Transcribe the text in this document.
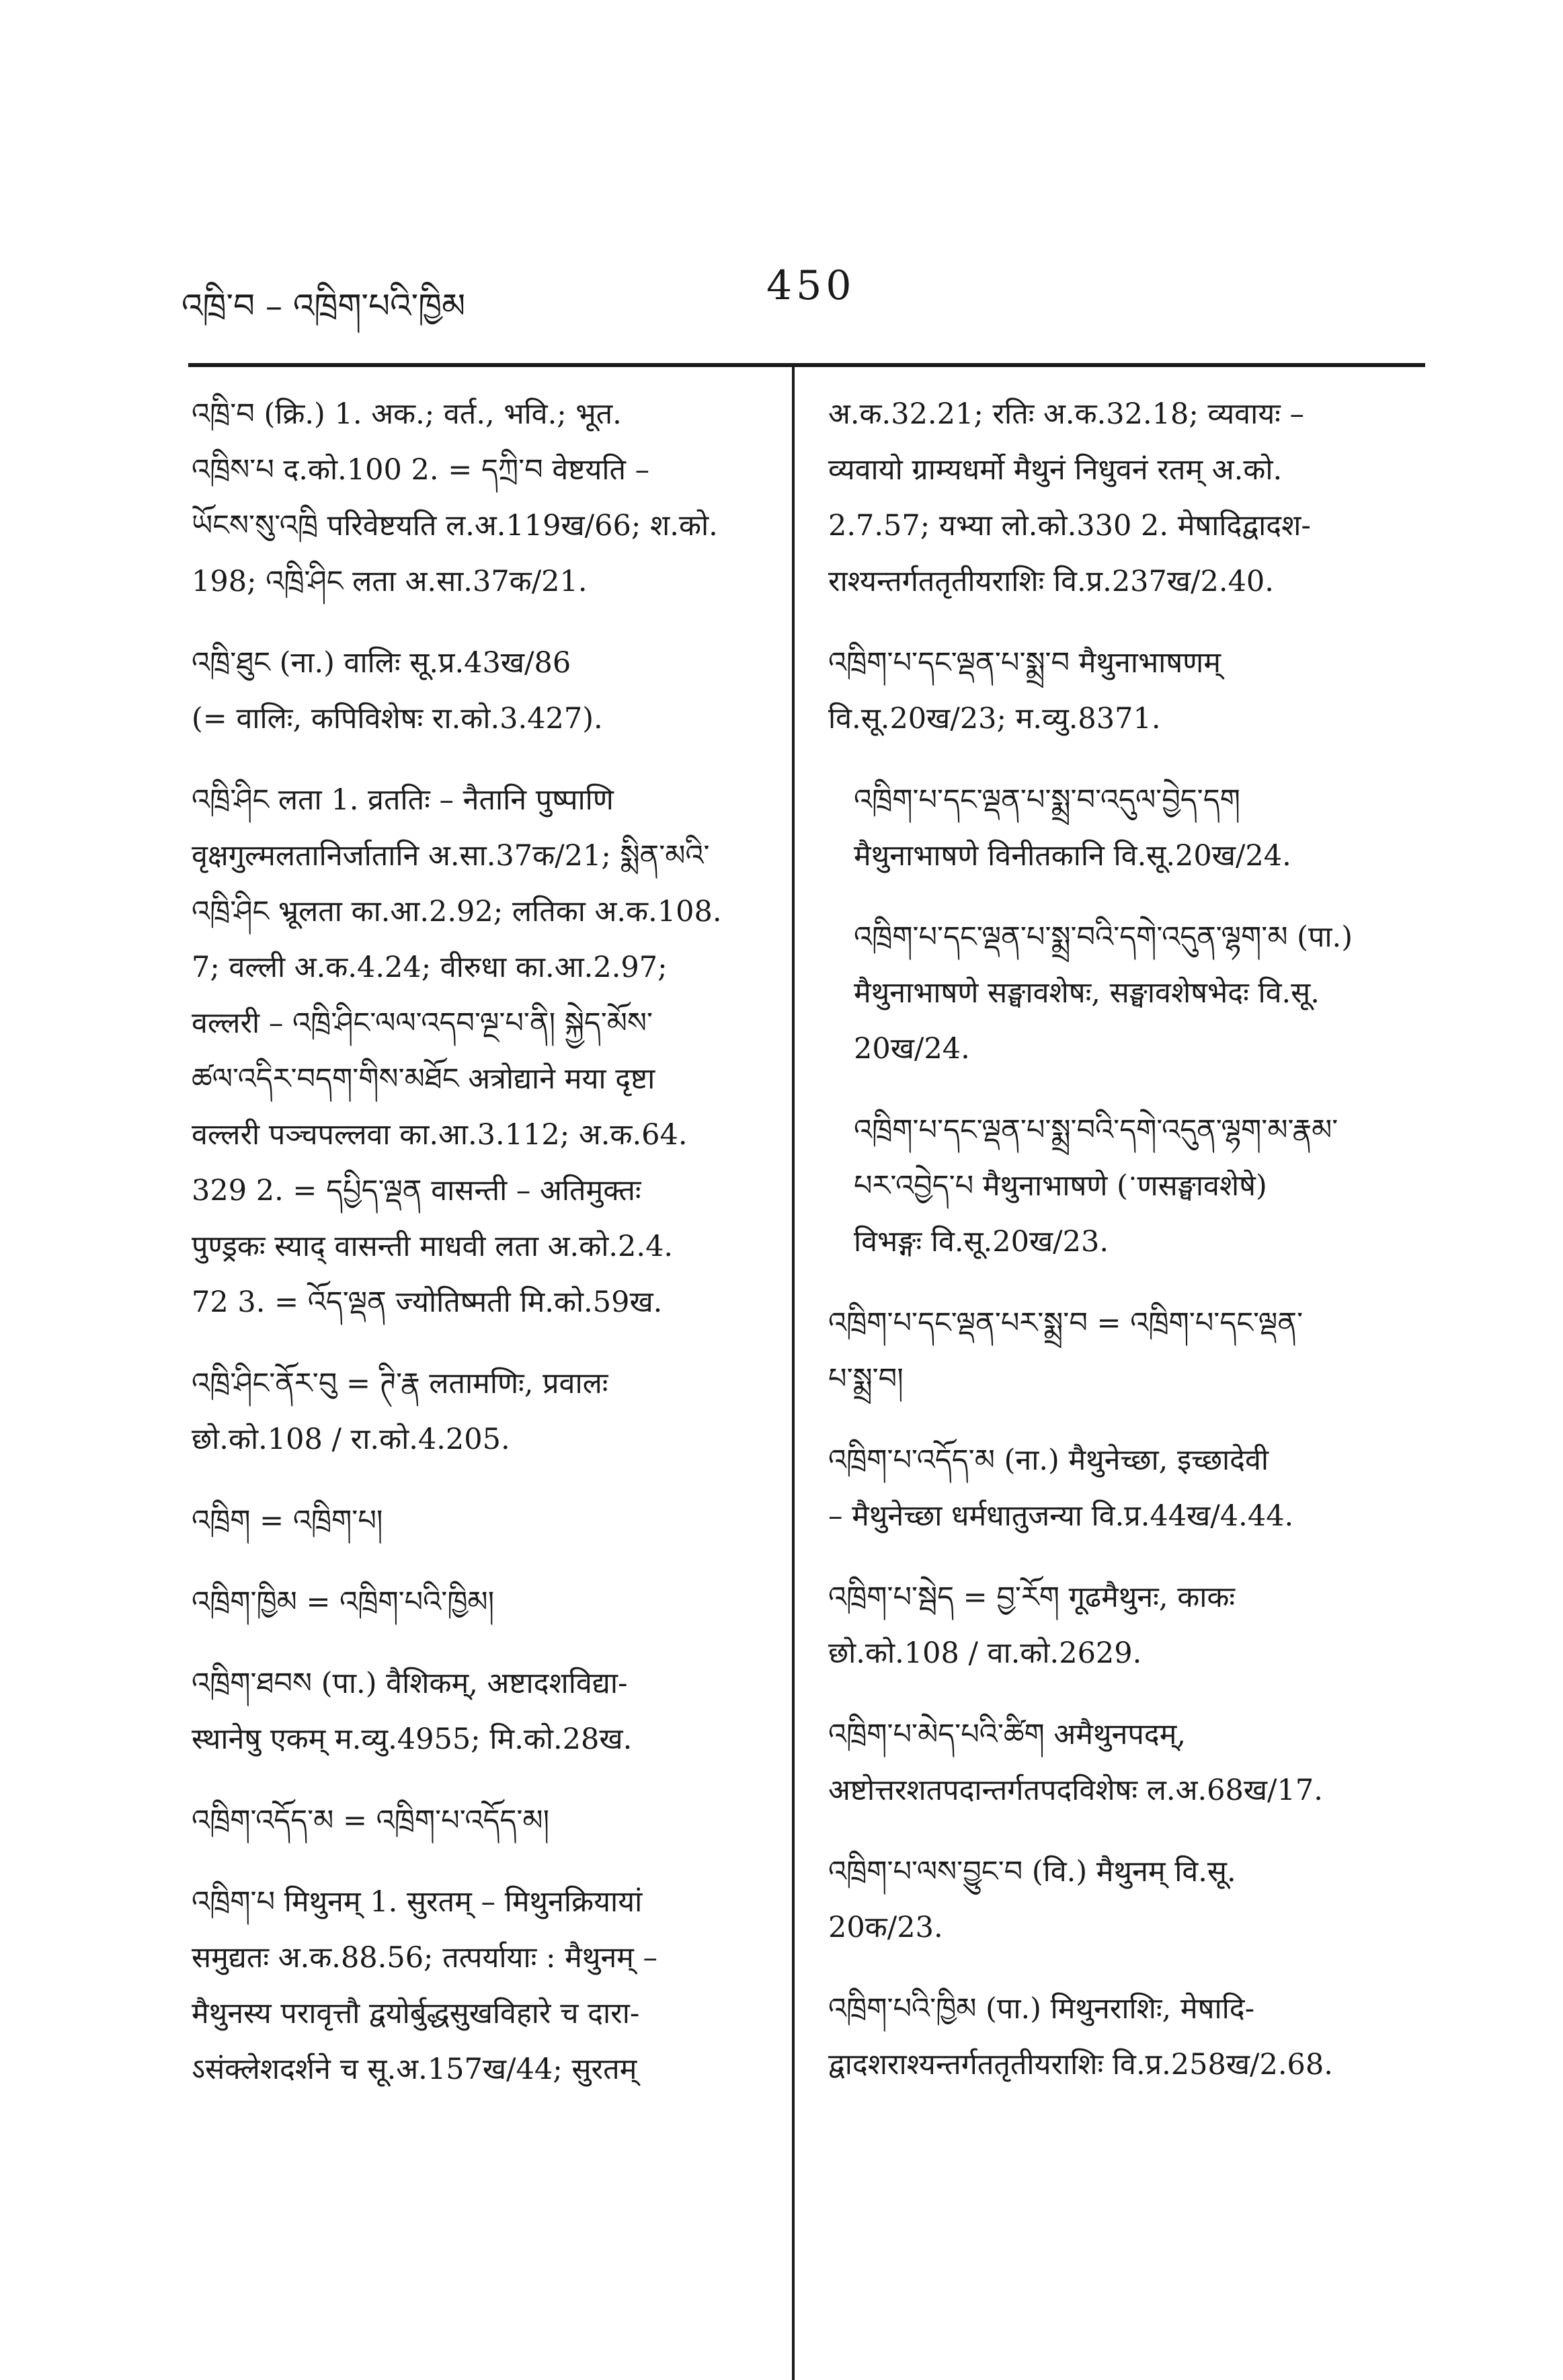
འཁྲི་བ – འཁྲིག་པའི་ཁྱིམ	450
འཁྲི་བ (क्रि.) 1. अक.; वर्त., भवि.; भूत.
འཁྲིས་པ द.को.100 2. = དཀྲི་བ वेष्टयति –
ཡོངས་སུ་འཁྲི परिवेष्टयति ल.अ.119ख/66; श.को.
198; འཁྲི་ཤིང लता अ.सा.37क/21.
འཁྲི་ཐུང (ना.) वालिः सू.प्र.43ख/86
(= वालिः, कपिविशेषः रा.को.3.427).
འཁྲི་ཤིང लता 1. व्रततिः – नैतानि पुष्पाणि
वृक्षगुल्मलतानिर्जातानि अ.सा.37क/21; སྨིན་མའི་
འཁྲི་ཤིང भ्रूलता का.आ.2.92; लतिका अ.क.108.
7; वल्ली अ.क.4.24; वीरुधा का.आ.2.97;
वल्लरी – འཁྲི་ཤིང་ལལ་འདབ་ལྔ་པ་ནི། སྐྱེད་མོས་
ཚལ་འདིར་བདག་གིས་མཐོང अत्रोद्याने मया दृष्टा
वल्लरी पञ्चपल्लवा का.आ.3.112; अ.क.64.
329 2. = དཔྱིད་ལྡན वासन्ती – अतिमुक्तः
पुण्ड्रकः स्याद् वासन्ती माधवी लता अ.को.2.4.
72 3. = འོད་ལྡན ज्योतिष्मती मि.को.59ख.
འཁྲི་ཤིང་ནོར་བུ = ཊི་རྣ लतामणिः, प्रवालः
छो.को.108 / रा.को.4.205.
འཁྲིག = འཁྲིག་པ།
འཁྲིག་ཁྱིམ = འཁྲིག་པའི་ཁྱིམ།
འཁྲིག་ཐབས (पा.) वैशिकम्, अष्टादशविद्या-
स्थानेषु एकम् म.व्यु.4955; मि.को.28ख.
འཁྲིག་འདོད་མ = འཁྲིག་པ་འདོད་མ།
འཁྲིག་པ मिथुनम् 1. सुरतम् – मिथुनक्रियायां
समुद्यतः अ.क.88.56; तत्पर्यायाः : मैथुनम् –
मैथुनस्य परावृत्तौ द्वयोर्बुद्धसुखविहारे च दारा-
ऽसंक्लेशदर्शने च सू.अ.157ख/44; सुरतम्
अ.क.32.21; रतिः अ.क.32.18; व्यवायः –
व्यवायो ग्राम्यधर्मो मैथुनं निधुवनं रतम् अ.को.
2.7.57; यभ्या लो.को.330 2. मेषादिद्वादश-
राश्यन्तर्गततृतीयराशिः वि.प्र.237ख/2.40.
འཁྲིག་པ་དང་ལྡན་པ་སྨྲ་བ मैथुनाभाषणम्
वि.सू.20ख/23; म.व्यु.8371.
འཁྲིག་པ་དང་ལྡན་པ་སྨྲ་བ་འདུལ་བྱེད་དག
मैथुनाभाषणे विनीतकानि वि.सू.20ख/24.
འཁྲིག་པ་དང་ལྡན་པ་སྨྲ་བའི་དགེ་འདུན་ལྷག་མ (पा.)
मैथुनाभाषणे सङ्घावशेषः, सङ्घावशेषभेदः वि.सू.
20ख/24.
འཁྲིག་པ་དང་ལྡན་པ་སྨྲ་བའི་དགེ་འདུན་ལྷག་མ་རྣམ་
པར་འབྱེད་པ मैथुनाभाषणे (ॱणसङ्घावशेषे)
विभङ्गः वि.सू.20ख/23.
འཁྲིག་པ་དང་ལྡན་པར་སྨྲ་བ = འཁྲིག་པ་དང་ལྡན་
པ་སྨྲ་བ།
འཁྲིག་པ་འདོད་མ (ना.) मैथुनेच्छा, इच्छादेवी
– मैथुनेच्छा धर्मधातुजन्या वि.प्र.44ख/4.44.
འཁྲིག་པ་སྦེད = བྱ་རོག गूढमैथुनः, काकः
छो.को.108 / वा.को.2629.
འཁྲིག་པ་མེད་པའི་ཚིག अमैथुनपदम्,
अष्टोत्तरशतपदान्तर्गतपदविशेषः ल.अ.68ख/17.
འཁྲིག་པ་ལས་བྱུང་བ (वि.) मैथुनम् वि.सू.
20क/23.
འཁྲིག་པའི་ཁྱིམ (पा.) मिथुनराशिः, मेषादि-
द्वादशराश्यन्तर्गततृतीयराशिः वि.प्र.258ख/2.68.
